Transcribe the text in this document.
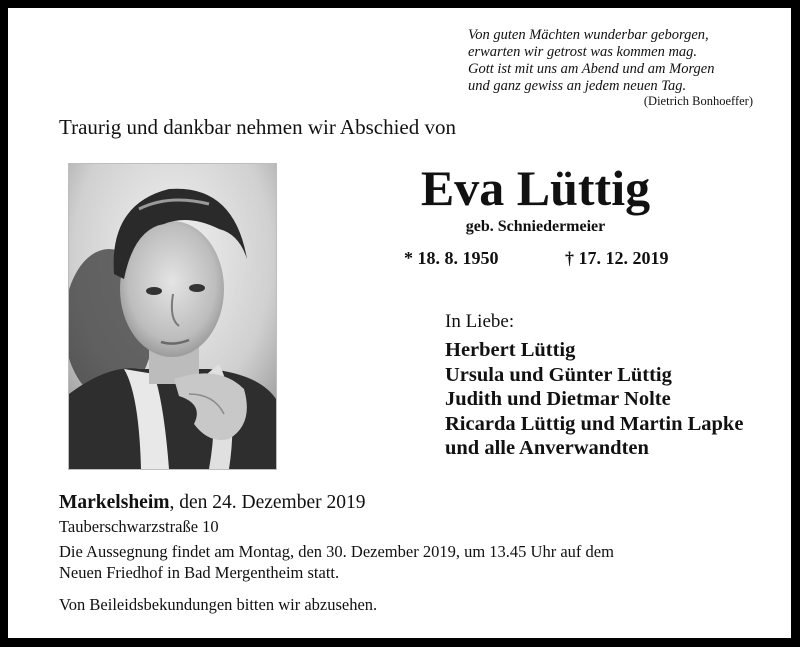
Von guten Mächten wunderbar geborgen,
erwarten wir getrost was kommen mag.
Gott ist mit uns am Abend und am Morgen
und ganz gewiss an jedem neuen Tag.
(Dietrich Bonhoeffer)
Traurig und dankbar nehmen wir Abschied von
Eva Lüttig
geb. Schniedermeier
* 18. 8. 1950	† 17. 12. 2019
In Liebe:
Herbert Lüttig
Ursula und Günter Lüttig
Judith und Dietmar Nolte
Ricarda Lüttig und Martin Lapke
und alle Anverwandten
Markelsheim, den 24. Dezember 2019
Tauberschwarzstraße 10
Die Aussegnung findet am Montag, den 30. Dezember 2019, um 13.45 Uhr auf dem
Neuen Friedhof in Bad Mergentheim statt.
Von Beileidsbekundungen bitten wir abzusehen.
